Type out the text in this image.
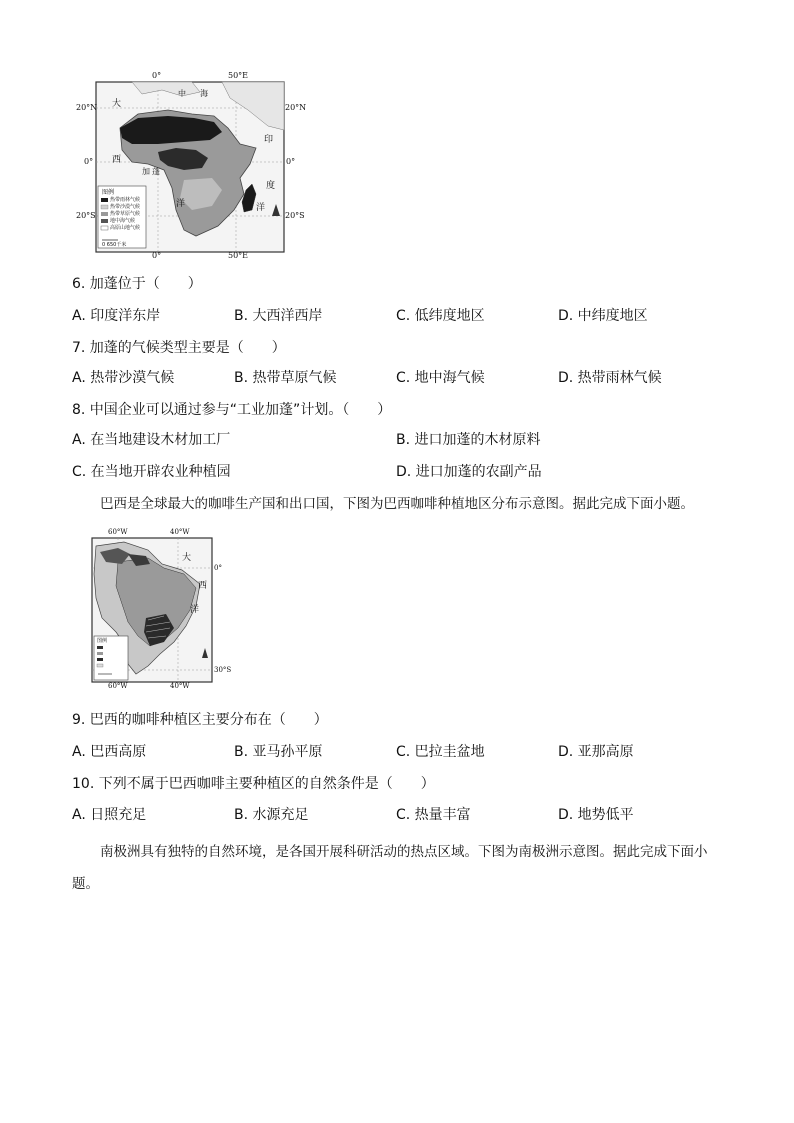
0°	50°E
0°	50°E
20°N
0°
20°S
20°N
0°
20°S
大
中 海
印
度
洋
西
加 蓬
洋
图例
热带雨林气候
热带沙漠气候
热带草原气候
地中海气候
高原山地气候
0 650千米
6. 加蓬位于（　　）
A. 印度洋东岸	B. 大西洋西岸	C. 低纬度地区	D. 中纬度地区
7. 加蓬的气候类型主要是（　　）
A. 热带沙漠气候	B. 热带草原气候	C. 地中海气候	D. 热带雨林气候
8. 中国企业可以通过参与“工业加蓬”计划。（　　）
A. 在当地建设木材加工厂	B. 进口加蓬的木材原料
C. 在当地开辟农业种植园	D. 进口加蓬的农副产品
巴西是全球最大的咖啡生产国和出口国，下图为巴西咖啡种植地区分布示意图。据此完成下面小题。
60°W	40°W
60°W	40°W
0°
30°S
大
西
洋
图例
9. 巴西的咖啡种植区主要分布在（　　）
A. 巴西高原	B. 亚马孙平原	C. 巴拉圭盆地	D. 亚那高原
10. 下列不属于巴西咖啡主要种植区的自然条件是（　　）
A. 日照充足	B. 水源充足	C. 热量丰富	D. 地势低平
南极洲具有独特的自然环境，是各国开展科研活动的热点区域。下图为南极洲示意图。据此完成下面小题。
